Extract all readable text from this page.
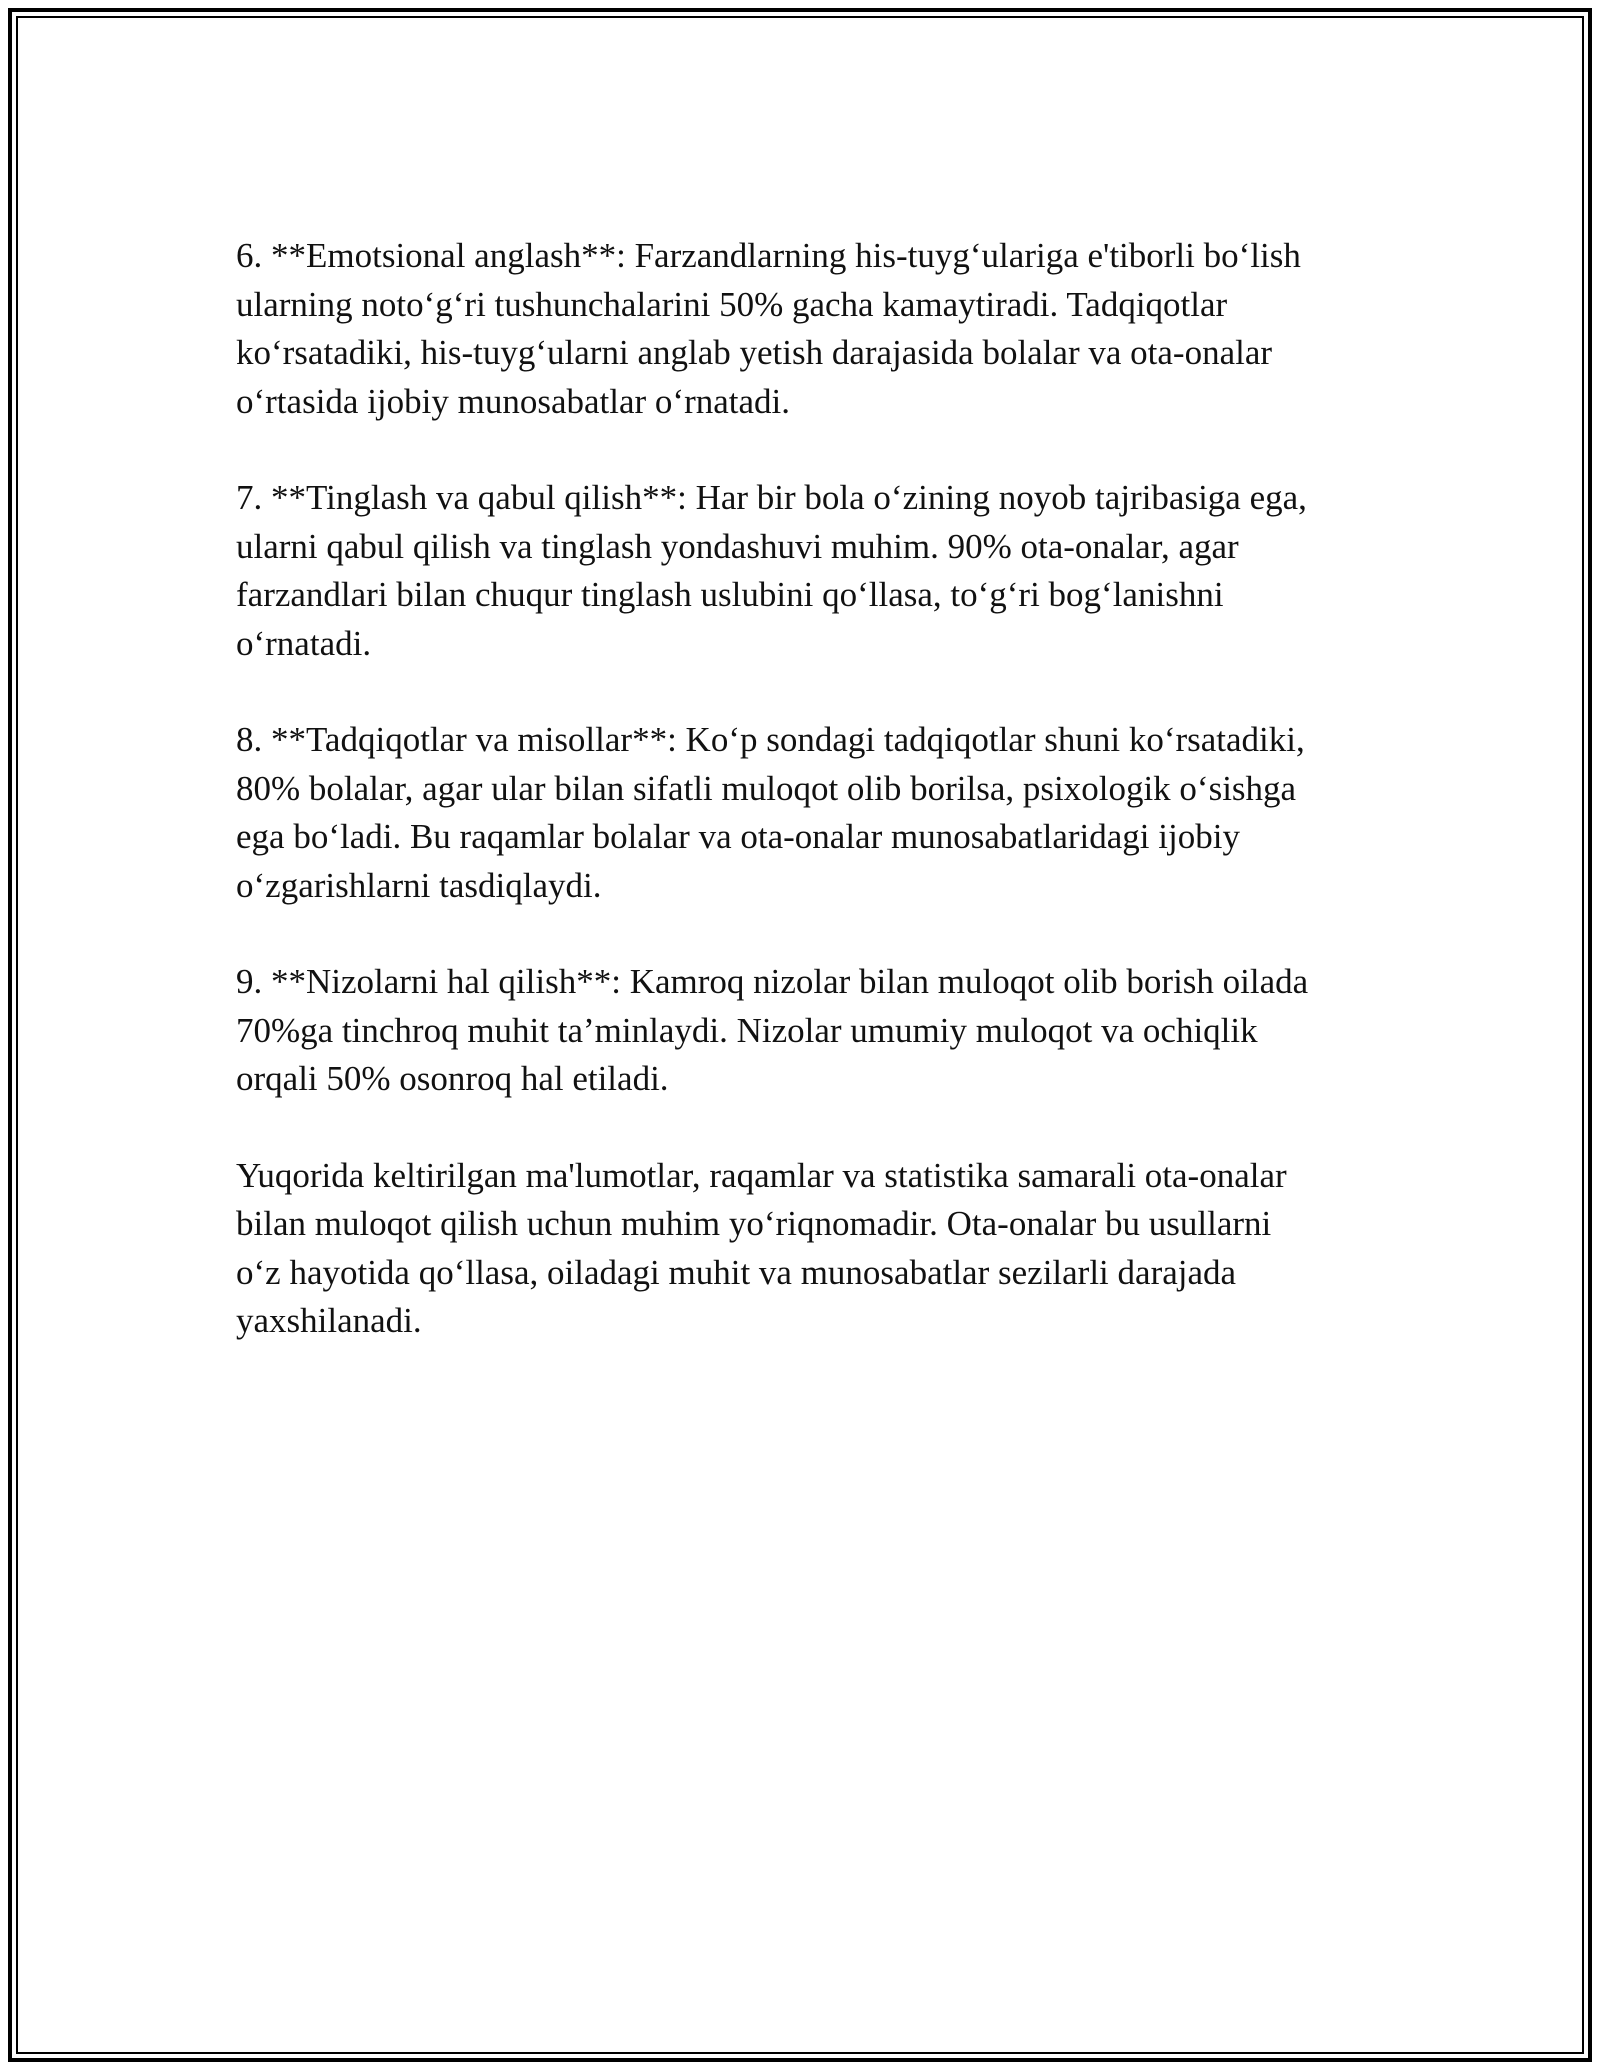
6. **Emotsional anglash**: Farzandlarning his-tuyg‘ulariga e'tiborli bo‘lish
ularning noto‘g‘ri tushunchalarini 50% gacha kamaytiradi. Tadqiqotlar
ko‘rsatadiki, his-tuyg‘ularni anglab yetish darajasida bolalar va ota-onalar
o‘rtasida ijobiy munosabatlar o‘rnatadi.

7. **Tinglash va qabul qilish**: Har bir bola o‘zining noyob tajribasiga ega,
ularni qabul qilish va tinglash yondashuvi muhim. 90% ota-onalar, agar
farzandlari bilan chuqur tinglash uslubini qo‘llasa, to‘g‘ri bog‘lanishni
o‘rnatadi.

8. **Tadqiqotlar va misollar**: Ko‘p sondagi tadqiqotlar shuni ko‘rsatadiki,
80% bolalar, agar ular bilan sifatli muloqot olib borilsa, psixologik o‘sishga
ega bo‘ladi. Bu raqamlar bolalar va ota-onalar munosabatlaridagi ijobiy
o‘zgarishlarni tasdiqlaydi.

9. **Nizolarni hal qilish**: Kamroq nizolar bilan muloqot olib borish oilada
70%ga tinchroq muhit ta’minlaydi. Nizolar umumiy muloqot va ochiqlik
orqali 50% osonroq hal etiladi.

Yuqorida keltirilgan ma'lumotlar, raqamlar va statistika samarali ota-onalar
bilan muloqot qilish uchun muhim yo‘riqnomadir. Ota-onalar bu usullarni
o‘z hayotida qo‘llasa, oiladagi muhit va munosabatlar sezilarli darajada
yaxshilanadi.
